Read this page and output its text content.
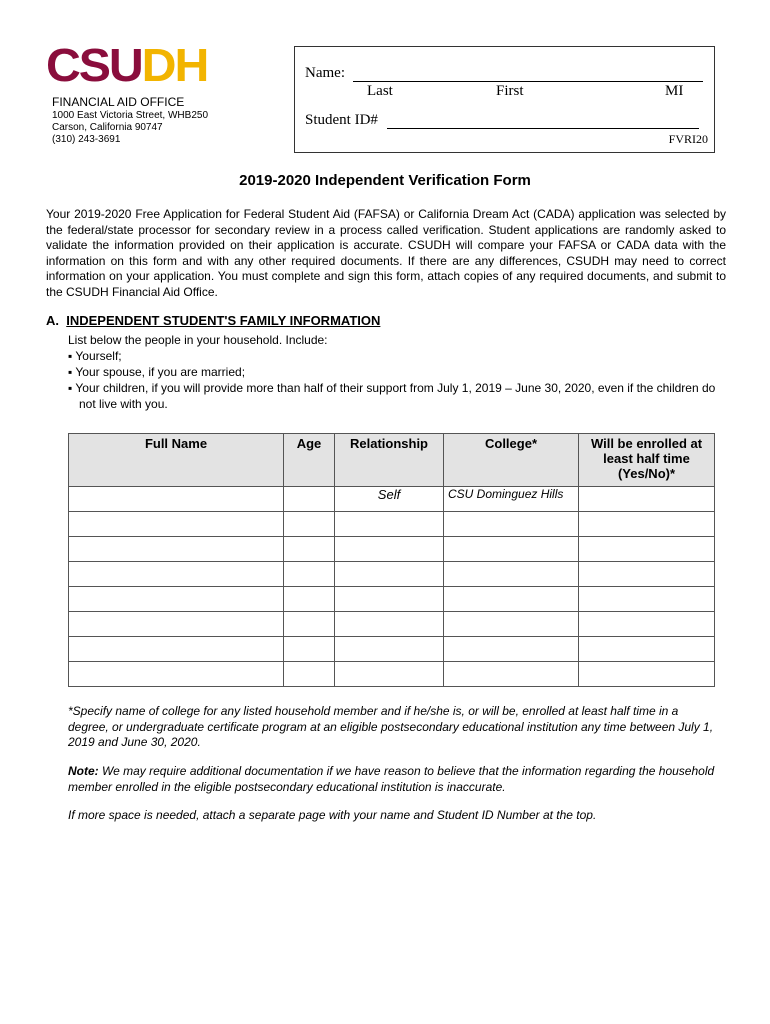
CSUDH
FINANCIAL AID OFFICE
1000 East Victoria Street, WHB250
Carson, California 90747
(310) 243-3691
Name:
Last	First	MI
Student ID#
FVRI20
2019-2020 Independent Verification Form
Your 2019-2020 Free Application for Federal Student Aid (FAFSA) or California Dream Act (CADA) application was selected by the federal/state processor for secondary review in a process called verification. Student applications are randomly asked to validate the information provided on their application is accurate. CSUDH will compare your FAFSA or CADA data with the information on this form and with any other required documents. If there are any differences, CSUDH may need to correct information on your application. You must complete and sign this form, attach copies of any required documents, and submit to the CSUDH Financial Aid Office.
A. INDEPENDENT STUDENT'S FAMILY INFORMATION
List below the people in your household. Include:
▪ Yourself;
▪ Your spouse, if you are married;
▪ Your children, if you will provide more than half of their support from July 1, 2019 – June 30, 2020, even if the children do not live with you.
Full Name	Age	Relationship	College*	Will be enrolled at least half time (Yes/No)*
		Self	CSU Dominguez Hills	

*Specify name of college for any listed household member and if he/she is, or will be, enrolled at least half time in a degree, or undergraduate certificate program at an eligible postsecondary educational institution any time between July 1, 2019 and June 30, 2020.
Note: We may require additional documentation if we have reason to believe that the information regarding the household member enrolled in the eligible postsecondary educational institution is inaccurate.
If more space is needed, attach a separate page with your name and Student ID Number at the top.
